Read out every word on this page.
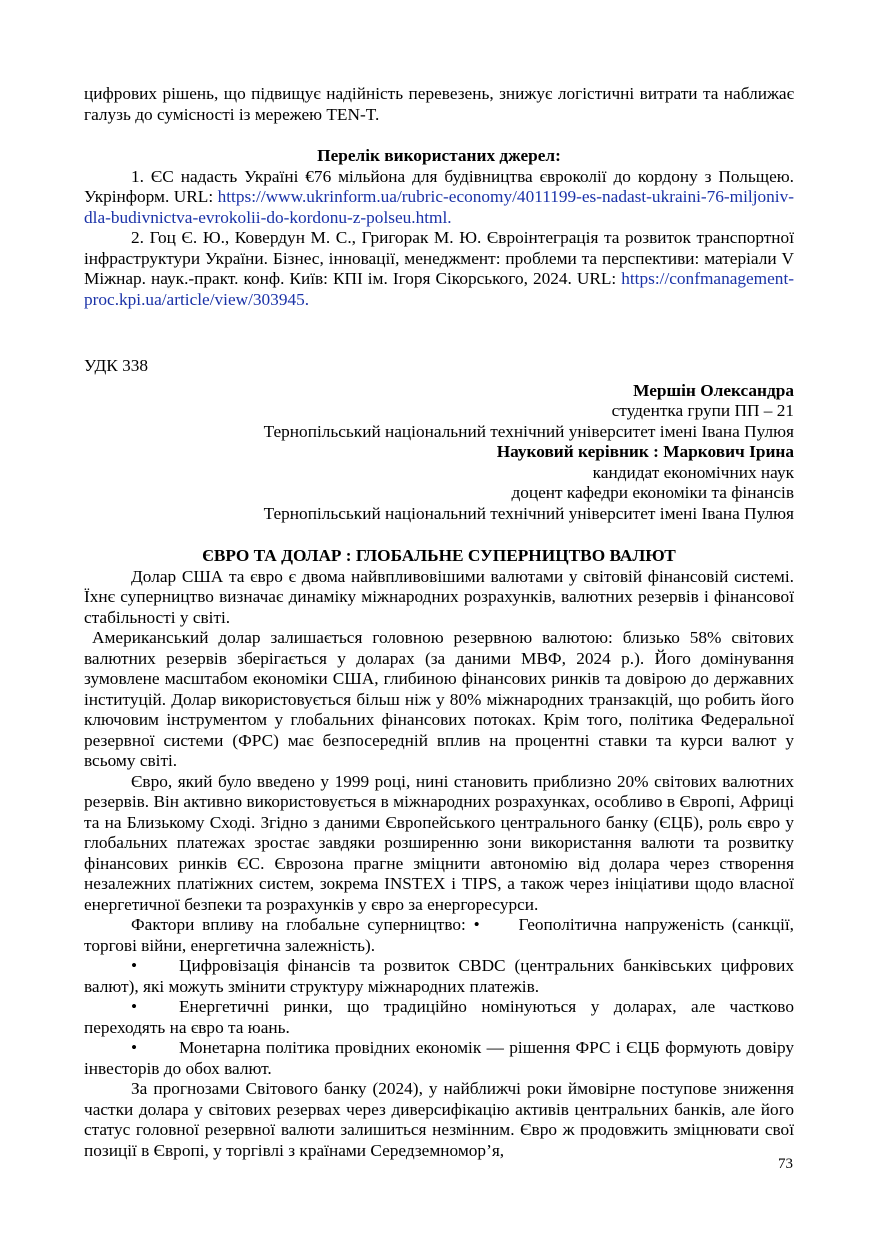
цифрових рішень, що підвищує надійність перевезень, знижує логістичні витрати та наближає галузь до сумісності із мережею TEN-T.

Перелік використаних джерел:

1. ЄС надасть Україні €76 мільйона для будівництва євроколії до кордону з Польщею. Укрінформ. URL: https://www.ukrinform.ua/rubric-economy/4011199-es-nadast-ukraini-76-miljoniv-dla-budivnictva-evrokolii-do-kordonu-z-polseu.html.

2. Гоц Є. Ю., Ковердун М. С., Григорак М. Ю. Євроінтеграція та розвиток транспортної інфраструктури України. Бізнес, інновації, менеджмент: проблеми та перспективи: матеріали V Міжнар. наук.-практ. конф. Київ: КПІ ім. Ігоря Сікорського, 2024. URL: https://confmanagement-proc.kpi.ua/article/view/303945.

УДК 338
Мершін Олександра
студентка групи ПП – 21
Тернопільський національний технічний університет імені Івана Пулюя
Науковий керівник : Маркович Ірина
кандидат економічних наук
доцент кафедри економіки та фінансів
Тернопільський національний технічний університет імені Івана Пулюя
ЄВРО ТА ДОЛАР : ГЛОБАЛЬНЕ СУПЕРНИЦТВО ВАЛЮТ

Долар США та євро є двома найвпливовішими валютами у світовій фінансовій системі. Їхнє суперництво визначає динаміку міжнародних розрахунків, валютних резервів і фінансової стабільності у світі.

Американський долар залишається головною резервною валютою: близько 58% світових валютних резервів зберігається у доларах (за даними МВФ, 2024 р.). Його домінування зумовлене масштабом економіки США, глибиною фінансових ринків та довірою до державних інституцій. Долар використовується більш ніж у 80% міжнародних транзакцій, що робить його ключовим інструментом у глобальних фінансових потоках. Крім того, політика Федеральної резервної системи (ФРС) має безпосередній вплив на процентні ставки та курси валют у всьому світі.

Євро, який було введено у 1999 році, нині становить приблизно 20% світових валютних резервів. Він активно використовується в міжнародних розрахунках, особливо в Європі, Африці та на Близькому Сході. Згідно з даними Європейського центрального банку (ЄЦБ), роль євро у глобальних платежах зростає завдяки розширенню зони використання валюти та розвитку фінансових ринків ЄС. Єврозона прагне зміцнити автономію від долара через створення незалежних платіжних систем, зокрема INSTEX і TIPS, а також через ініціативи щодо власної енергетичної безпеки та розрахунків у євро за енергоресурси.

Фактори впливу на глобальне суперництво: • Геополітична напруженість (санкції, торгові війни, енергетична залежність).

• Цифровізація фінансів та розвиток CBDC (центральних банківських цифрових валют), які можуть змінити структуру міжнародних платежів.

• Енергетичні ринки, що традиційно номінуються у доларах, але частково переходять на євро та юань.

• Монетарна політика провідних економік — рішення ФРС і ЄЦБ формують довіру інвесторів до обох валют.

За прогнозами Світового банку (2024), у найближчі роки ймовірне поступове зниження частки долара у світових резервах через диверсифікацію активів центральних банків, але його статус головної резервної валюти залишиться незмінним. Євро ж продовжить зміцнювати свої позиції в Європі, у торгівлі з країнами Середземномор’я,

73
